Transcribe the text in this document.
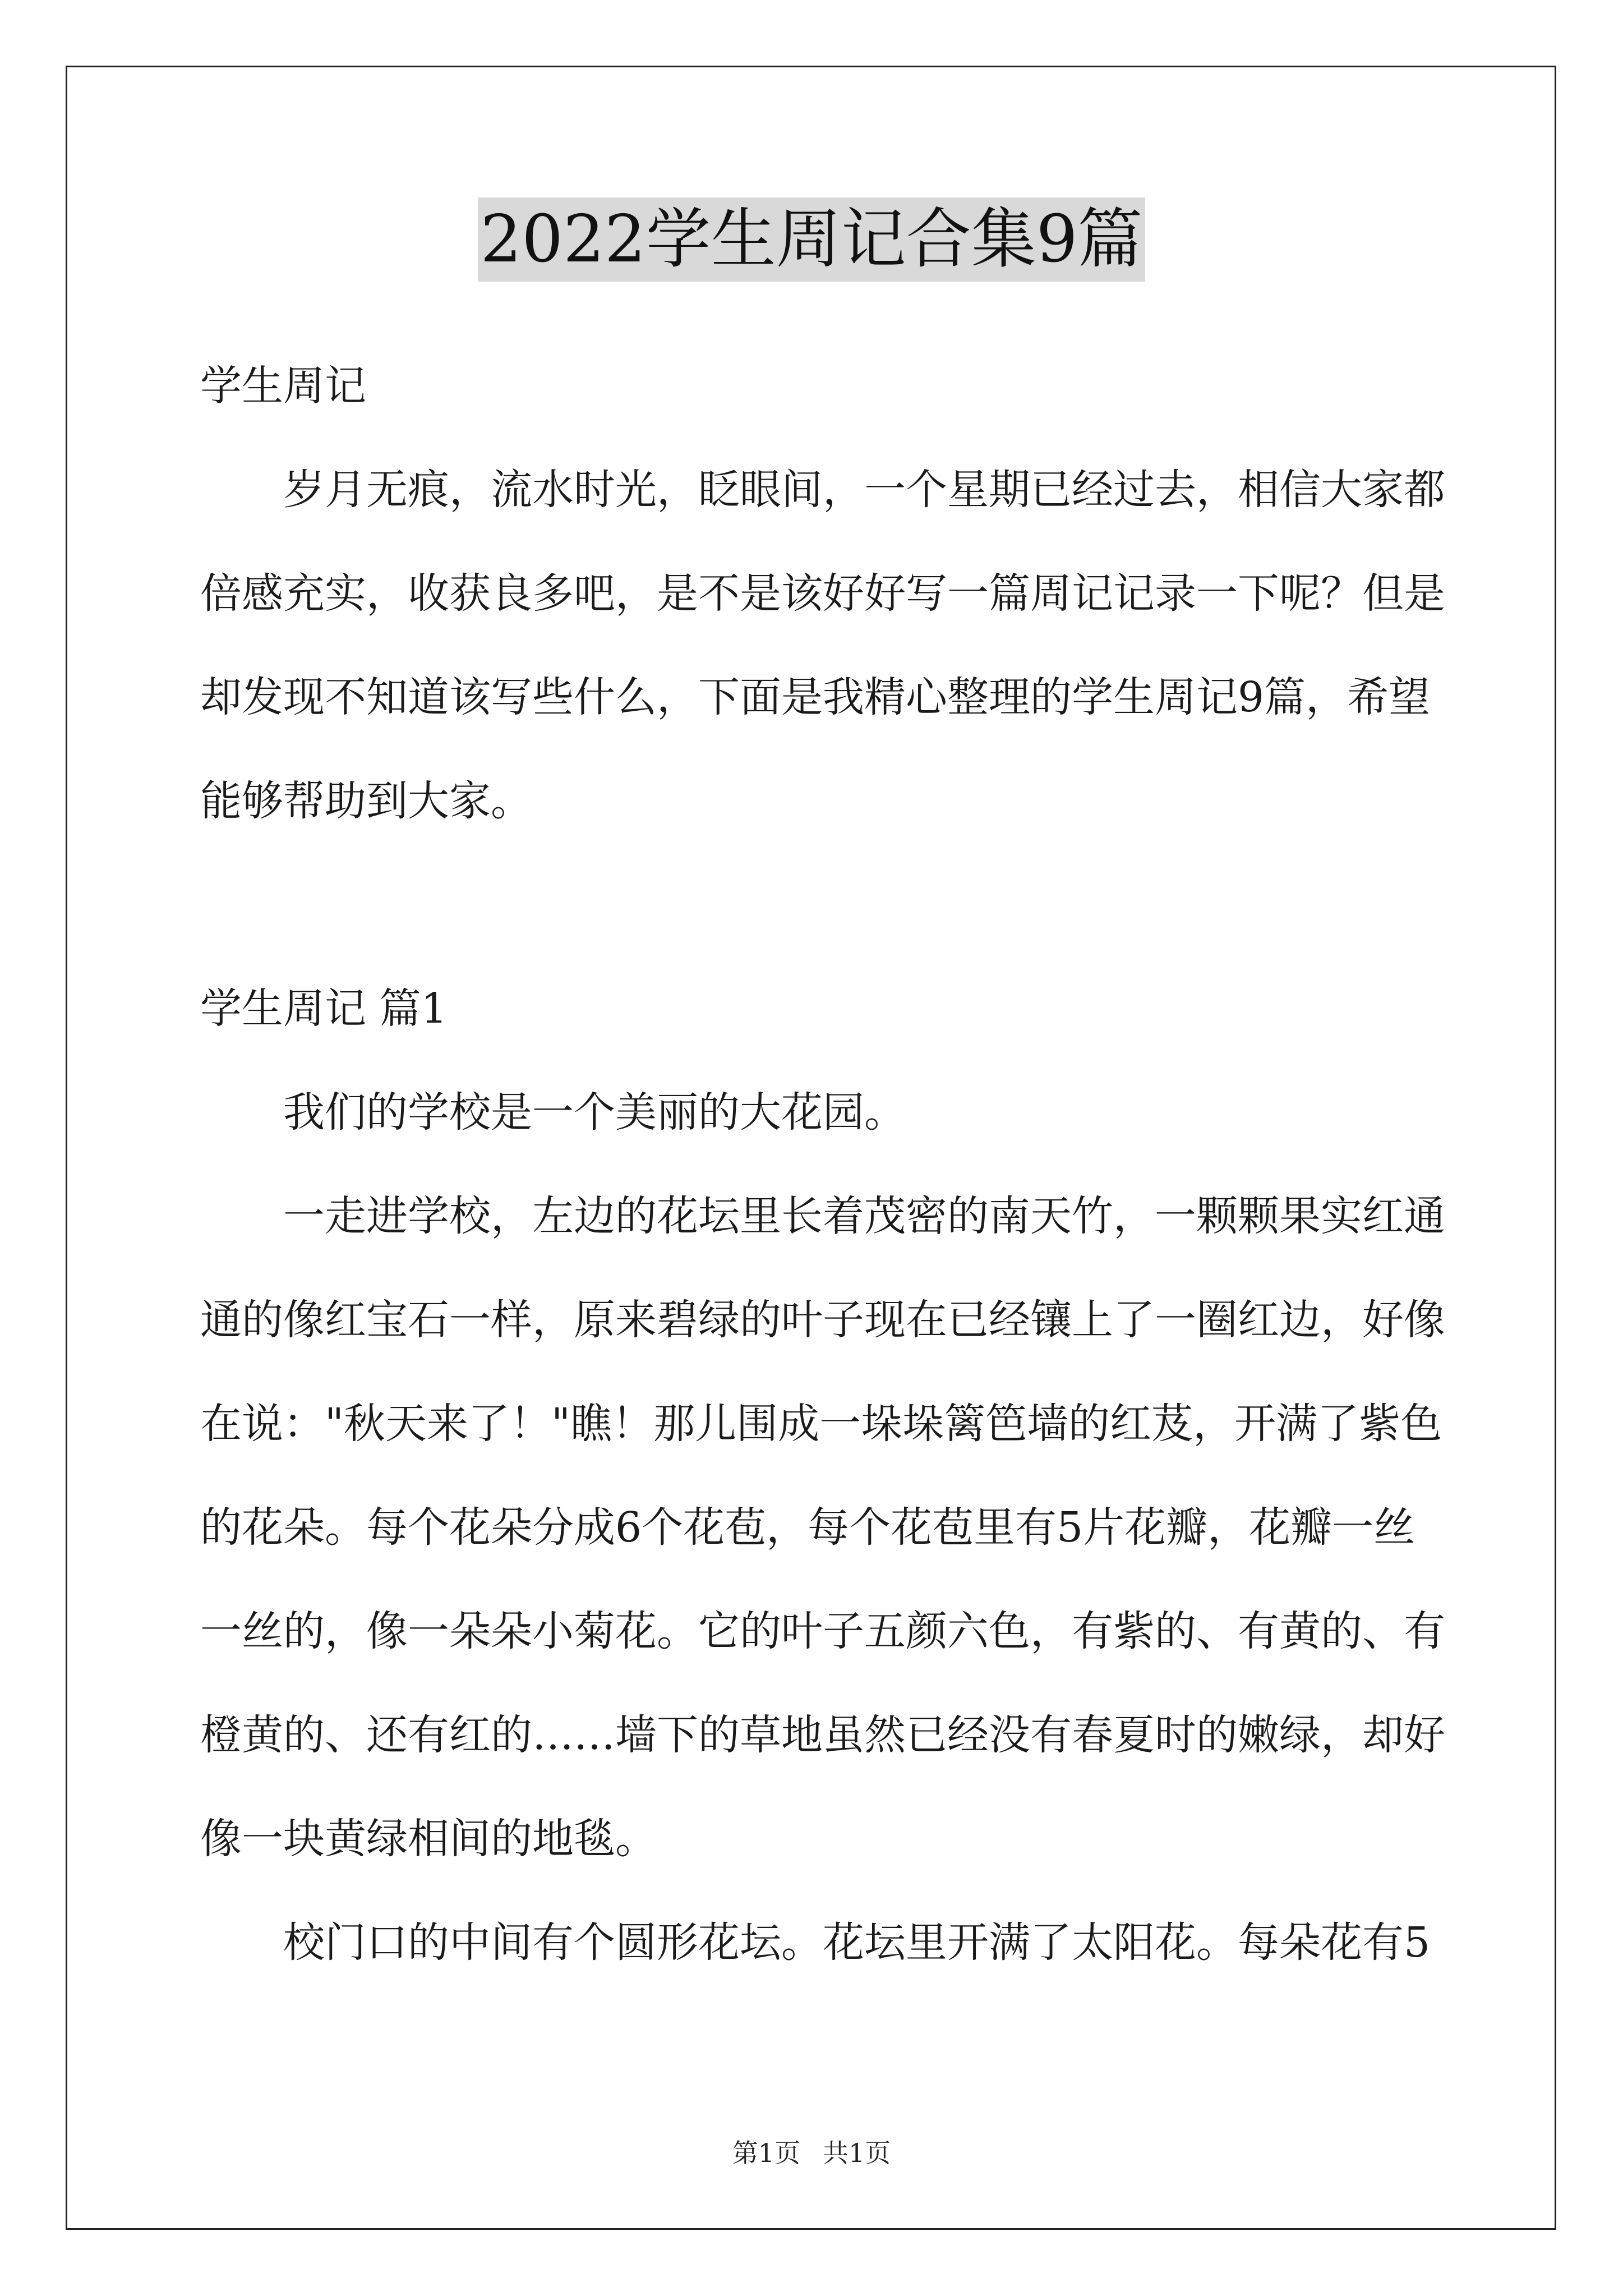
2022学生周记合集9篇
学生周记
岁月无痕，流水时光，眨眼间，一个星期已经过去，相信大家都
倍感充实，收获良多吧，是不是该好好写一篇周记记录一下呢？但是
却发现不知道该写些什么，下面是我精心整理的学生周记9篇，希望
能够帮助到大家。
学生周记 篇1
我们的学校是一个美丽的大花园。
一走进学校，左边的花坛里长着茂密的南天竹，一颗颗果实红通
通的像红宝石一样，原来碧绿的叶子现在已经镶上了一圈红边，好像
在说："秋天来了！"瞧！那儿围成一垛垛篱笆墙的红芨，开满了紫色
的花朵。每个花朵分成6个花苞，每个花苞里有5片花瓣，花瓣一丝
一丝的，像一朵朵小菊花。它的叶子五颜六色，有紫的、有黄的、有
橙黄的、还有红的……墙下的草地虽然已经没有春夏时的嫩绿，却好
像一块黄绿相间的地毯。
校门口的中间有个圆形花坛。花坛里开满了太阳花。每朵花有5
第1页 共1页
